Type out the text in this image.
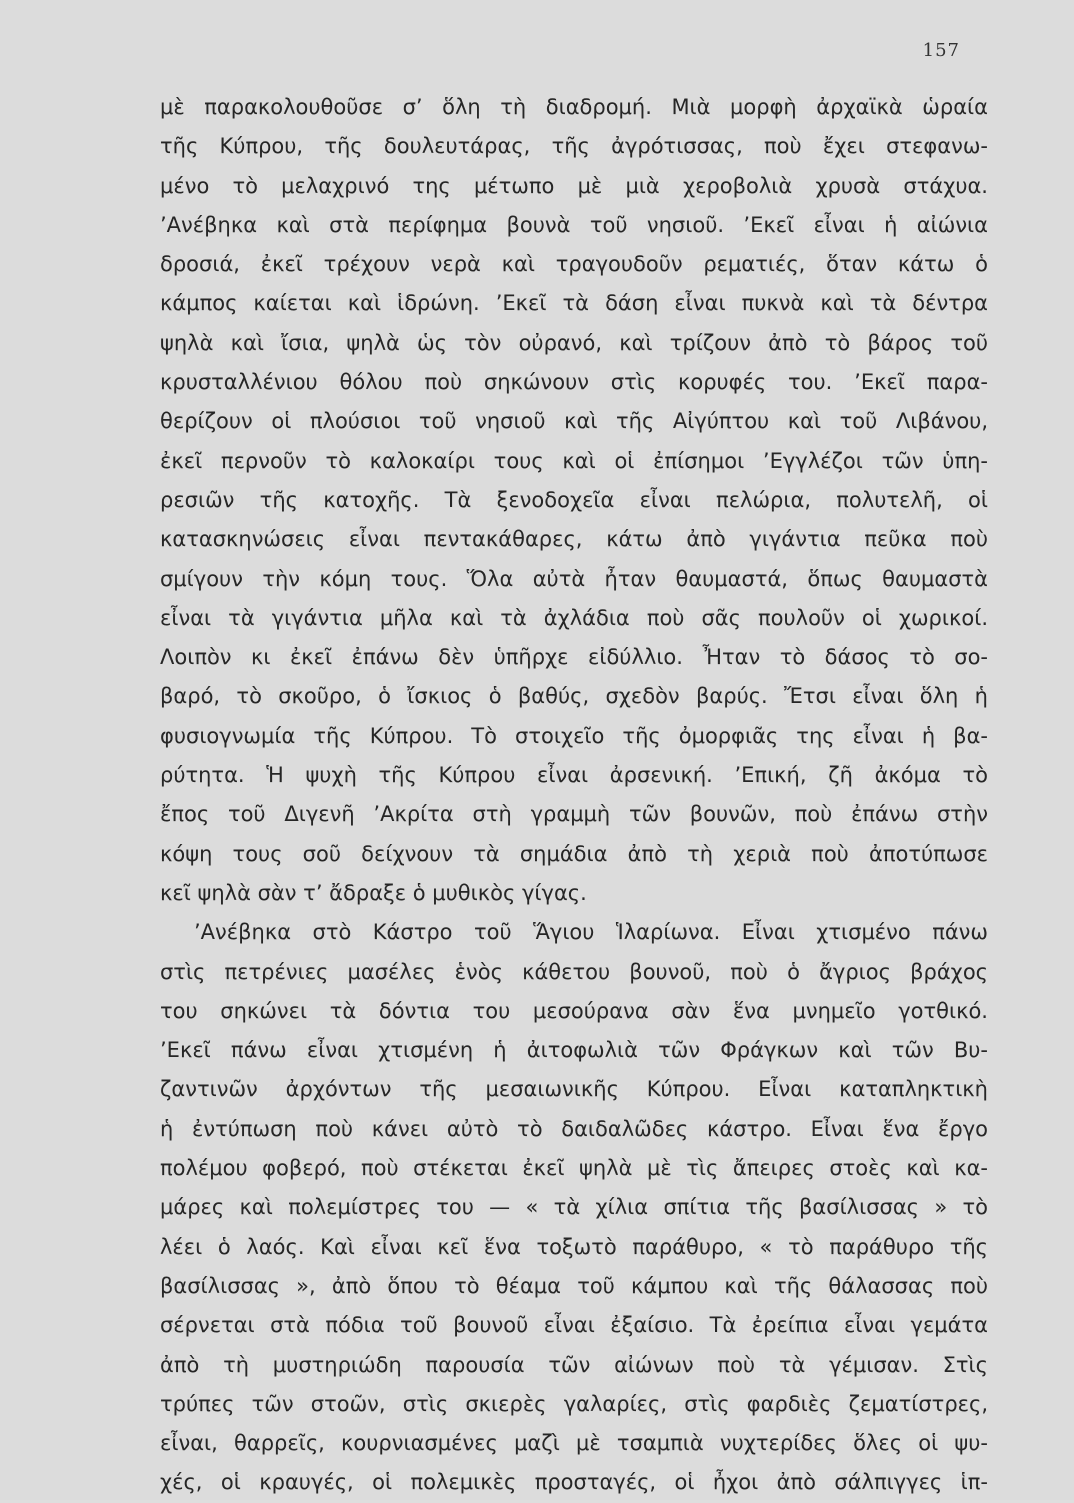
157
μὲ παρακολουθοῦσε σ’ ὅλη τὴ διαδρομή. Μιὰ μορφὴ ἀρχαϊκὰ ὡραία
τῆς Κύπρου, τῆς δουλευτάρας, τῆς ἀγρότισσας, ποὺ ἔχει στεφανω-
μένο τὸ μελαχρινό της μέτωπο μὲ μιὰ χεροβολιὰ χρυσὰ στάχυα.
’Ανέβηκα καὶ στὰ περίφημα βουνὰ τοῦ νησιοῦ. ’Εκεῖ εἶναι ἡ αἰώνια
δροσιά, ἐκεῖ τρέχουν νερὰ καὶ τραγουδοῦν ρεματιές, ὅταν κάτω ὁ
κάμπος καίεται καὶ ἱδρώνη. ’Εκεῖ τὰ δάση εἶναι πυκνὰ καὶ τὰ δέντρα
ψηλὰ καὶ ἴσια, ψηλὰ ὡς τὸν οὐρανό, καὶ τρίζουν ἀπὸ τὸ βάρος τοῦ
κρυσταλλένιου θόλου ποὺ σηκώνουν στὶς κορυφές του. ’Εκεῖ παρα-
θερίζουν οἱ πλούσιοι τοῦ νησιοῦ καὶ τῆς Αἰγύπτου καὶ τοῦ Λιβάνου,
ἐκεῖ περνοῦν τὸ καλοκαίρι τους καὶ οἱ ἐπίσημοι ’Εγγλέζοι τῶν ὑπη-
ρεσιῶν τῆς κατοχῆς. Τὰ ξενοδοχεῖα εἶναι πελώρια, πολυτελῆ, οἱ
κατασκηνώσεις εἶναι πεντακάθαρες, κάτω ἀπὸ γιγάντια πεῦκα ποὺ
σμίγουν τὴν κόμη τους. Ὅλα αὐτὰ ἦταν θαυμαστά, ὅπως θαυμαστὰ
εἶναι τὰ γιγάντια μῆλα καὶ τὰ ἀχλάδια ποὺ σᾶς πουλοῦν οἱ χωρικοί.
Λοιπὸν κι ἐκεῖ ἐπάνω δὲν ὑπῆρχε εἰδύλλιο. Ἦταν τὸ δάσος τὸ σο-
βαρό, τὸ σκοῦρο, ὁ ἴσκιος ὁ βαθύς, σχεδὸν βαρύς. Ἔτσι εἶναι ὅλη ἡ
φυσιογνωμία τῆς Κύπρου. Τὸ στοιχεῖο τῆς ὀμορφιᾶς της εἶναι ἡ βα-
ρύτητα. Ἡ ψυχὴ τῆς Κύπρου εἶναι ἀρσενική. ’Επική, ζῆ ἀκόμα τὸ
ἔπος τοῦ Διγενῆ ’Ακρίτα στὴ γραμμὴ τῶν βουνῶν, ποὺ ἐπάνω στὴν
κόψη τους σοῦ δείχνουν τὰ σημάδια ἀπὸ τὴ χεριὰ ποὺ ἀποτύπωσε
κεῖ ψηλὰ σὰν τ’ ἄδραξε ὁ μυθικὸς γίγας.
’Ανέβηκα στὸ Κάστρο τοῦ Ἅγιου Ἱλαρίωνα. Εἶναι χτισμένο πάνω
στὶς πετρένιες μασέλες ἑνὸς κάθετου βουνοῦ, ποὺ ὁ ἄγριος βράχος
του σηκώνει τὰ δόντια του μεσούρανα σὰν ἕνα μνημεῖο γοτθικό.
’Εκεῖ πάνω εἶναι χτισμένη ἡ ἀιτοφωλιὰ τῶν Φράγκων καὶ τῶν Βυ-
ζαντινῶν ἀρχόντων τῆς μεσαιωνικῆς Κύπρου. Εἶναι καταπληκτικὴ
ἡ ἐντύπωση ποὺ κάνει αὐτὸ τὸ δαιδαλῶδες κάστρο. Εἶναι ἕνα ἔργο
πολέμου φοβερό, ποὺ στέκεται ἐκεῖ ψηλὰ μὲ τὶς ἄπειρες στοὲς καὶ κα-
μάρες καὶ πολεμίστρες του — « τὰ χίλια σπίτια τῆς βασίλισσας » τὸ
λέει ὁ λαός. Καὶ εἶναι κεῖ ἕνα τοξωτὸ παράθυρο, « τὸ παράθυρο τῆς
βασίλισσας », ἀπὸ ὅπου τὸ θέαμα τοῦ κάμπου καὶ τῆς θάλασσας ποὺ
σέρνεται στὰ πόδια τοῦ βουνοῦ εἶναι ἐξαίσιο. Τὰ ἐρείπια εἶναι γεμάτα
ἀπὸ τὴ μυστηριώδη παρουσία τῶν αἰώνων ποὺ τὰ γέμισαν. Στὶς
τρύπες τῶν στοῶν, στὶς σκιερὲς γαλαρίες, στὶς φαρδιὲς ζεματίστρες,
εἶναι, θαρρεῖς, κουρνιασμένες μαζὶ μὲ τσαμπιὰ νυχτερίδες ὅλες οἱ ψυ-
χές, οἱ κραυγές, οἱ πολεμικὲς προσταγές, οἱ ἦχοι ἀπὸ σάλπιγγες ἱπ-
